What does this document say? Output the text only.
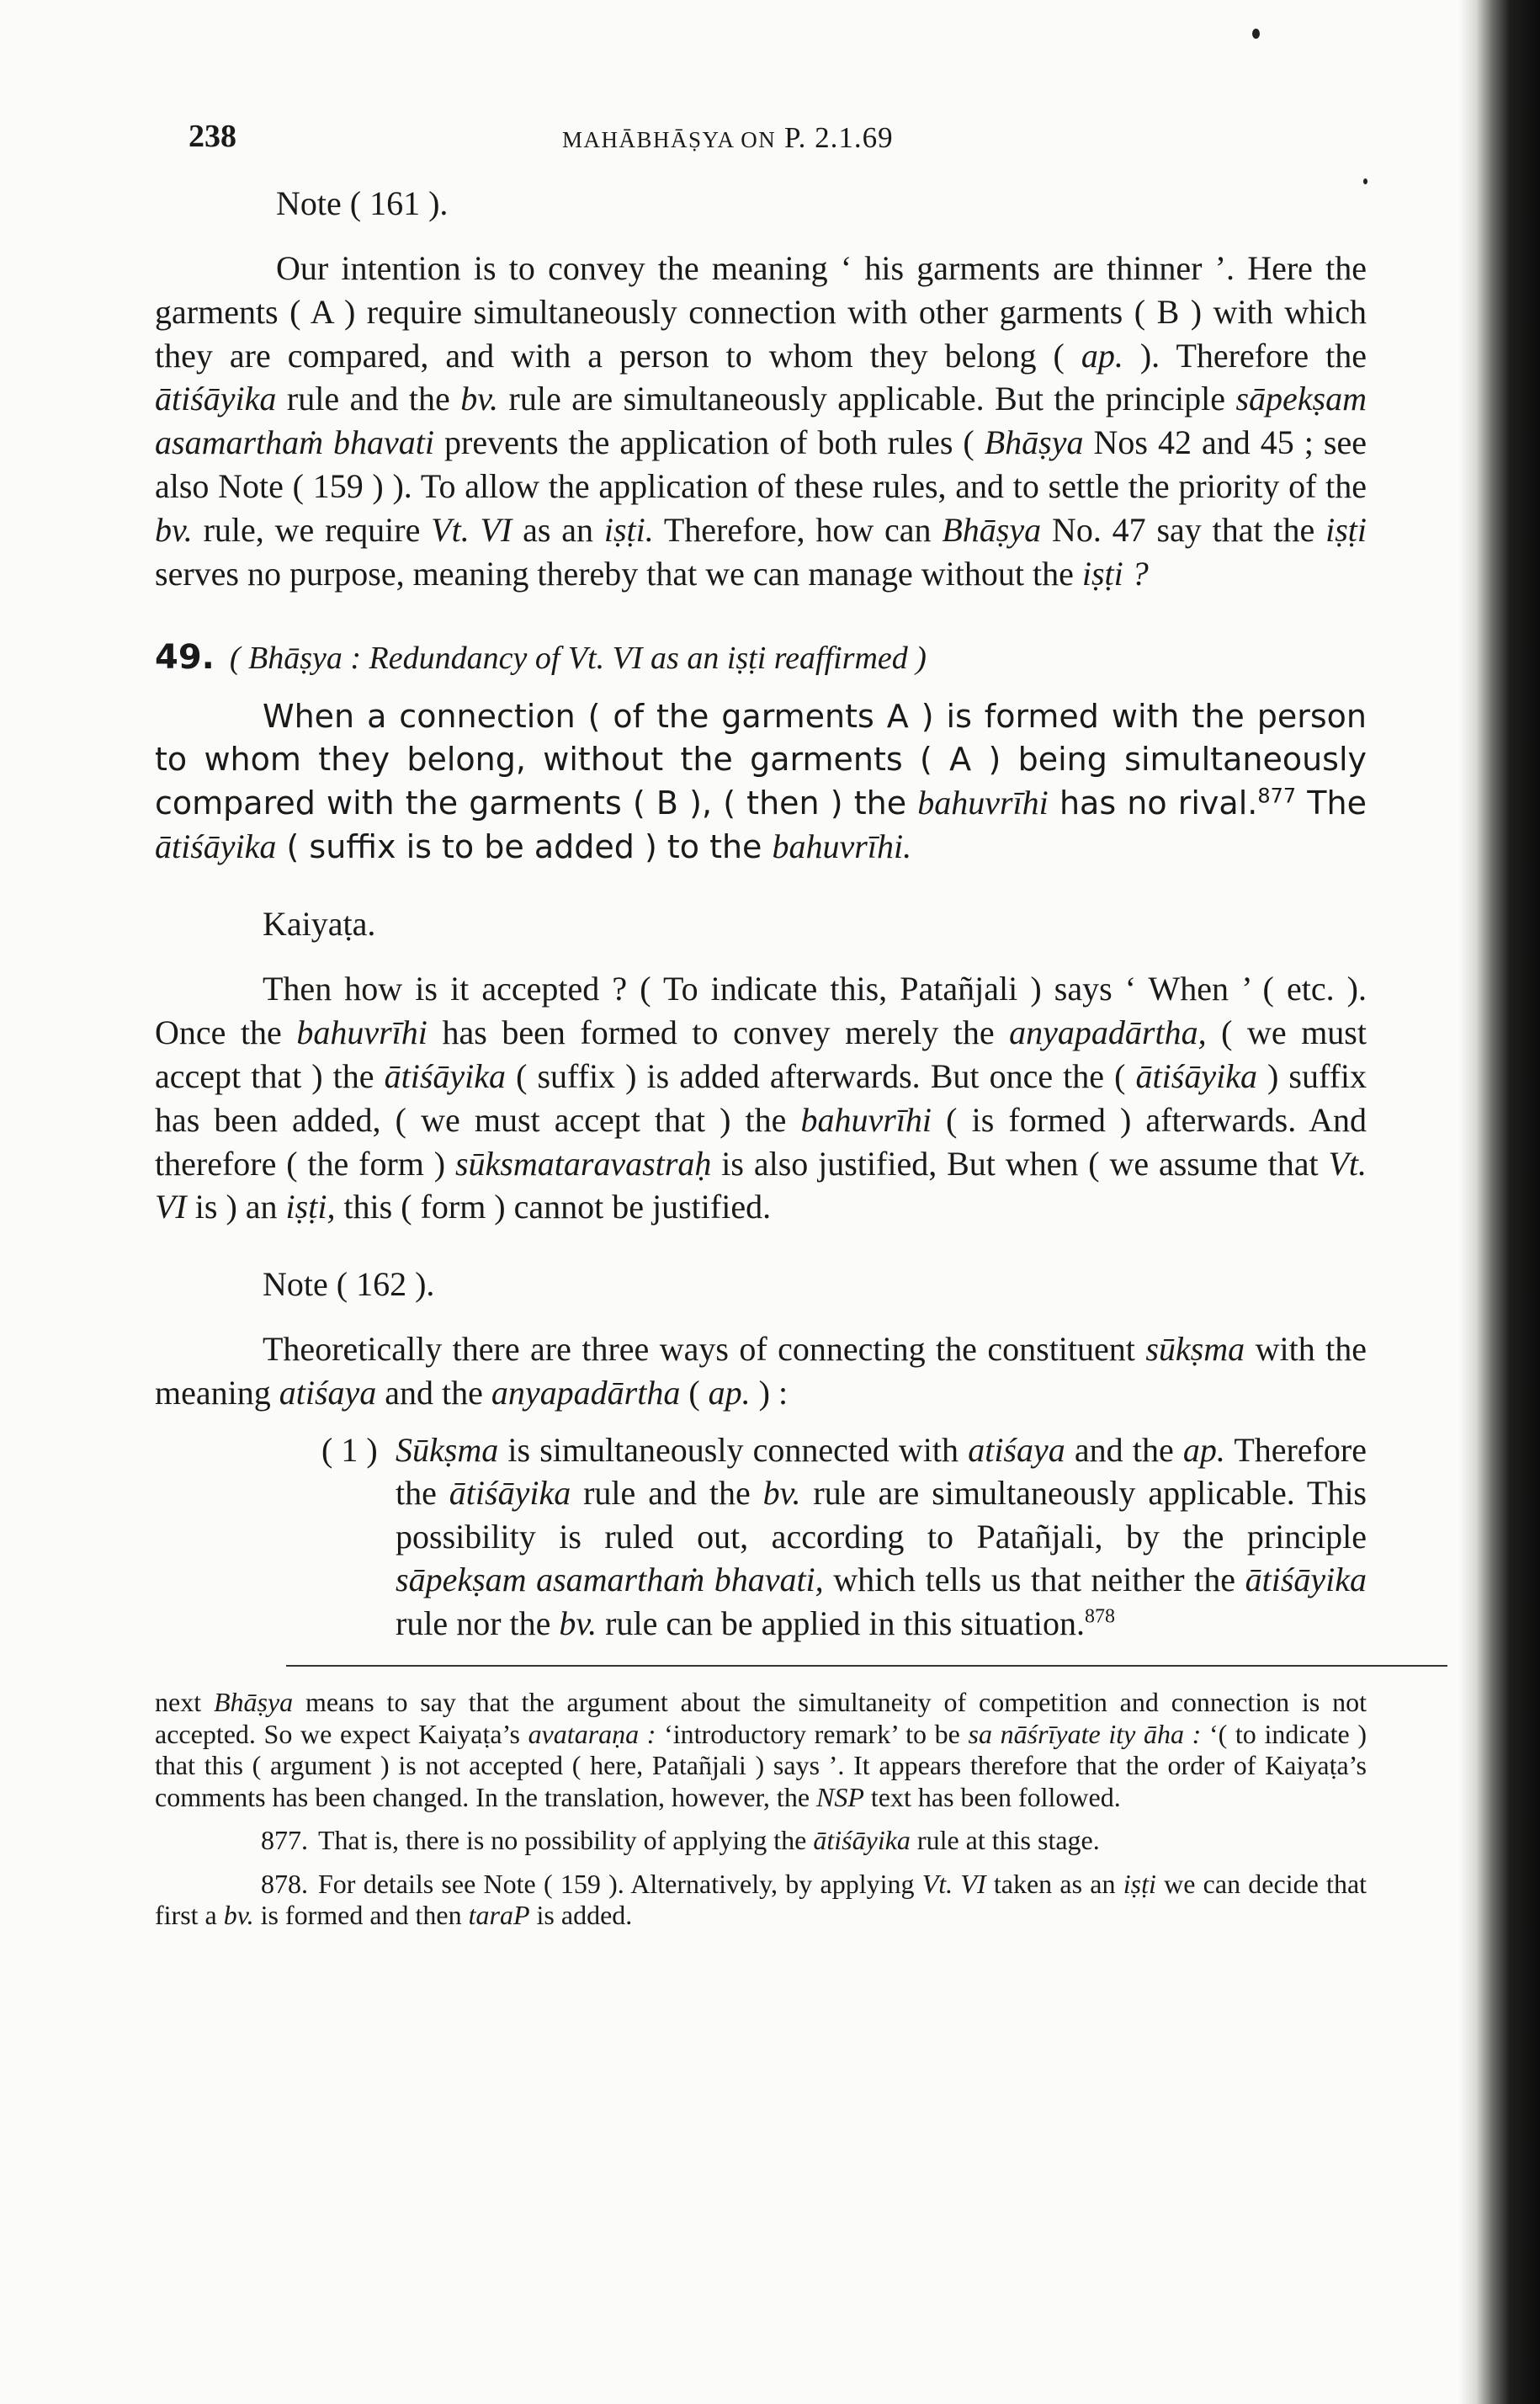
238	MAHĀBHĀṢYA ON P. 2.1.69

Note ( 161 ).

Our intention is to convey the meaning ‘ his garments are thinner ’. Here the garments ( A ) require simultaneously connection with other garments ( B ) with which they are compared, and with a person to whom they belong ( ap. ). Therefore the ātiśāyika rule and the bv. rule are simultaneously applicable. But the principle sāpekṣam asamarthaṁ bhavati prevents the application of both rules ( Bhāṣya Nos 42 and 45 ; see also Note ( 159 ) ). To allow the application of these rules, and to settle the priority of the bv. rule, we require Vt. VI as an iṣṭi. Therefore, how can Bhāṣya No. 47 say that the iṣṭi serves no purpose, meaning thereby that we can manage without the iṣṭi ?

49. ( Bhāṣya : Redundancy of Vt. VI as an iṣṭi reaffirmed )

When a connection ( of the garments A ) is formed with the person to whom they belong, without the garments ( A ) being simultaneously compared with the garments ( B ), ( then ) the bahuvrīhi has no rival.$^{877}$ The ātiśāyika ( suffix is to be added ) to the bahuvrīhi.

Kaiyaṭa.

Then how is it accepted ? ( To indicate this, Patañjali ) says ‘ When ’ ( etc. ). Once the bahuvrīhi has been formed to convey merely the anyapadārtha, ( we must accept that ) the ātiśāyika ( suffix ) is added afterwards. But once the ( ātiśāyika ) suffix has been added, ( we must accept that ) the bahuvrīhi ( is formed ) afterwards. And therefore ( the form ) sūksmataravastraḥ is also justified, But when ( we assume that Vt. VI is ) an iṣṭi, this ( form ) cannot be justified.

Note ( 162 ).

Theoretically there are three ways of connecting the constituent sūkṣma with the meaning atiśaya and the anyapadārtha ( ap. ) :

( 1 ) Sūkṣma is simultaneously connected with atiśaya and the ap. Therefore the ātiśāyika rule and the bv. rule are simultaneously applicable. This possibility is ruled out, according to Patañjali, by the principle sāpekṣam asamarthaṁ bhavati, which tells us that neither the ātiśāyika rule nor the bv. rule can be applied in this situation.$^{878}$

next Bhāṣya means to say that the argument about the simultaneity of competition and connection is not accepted. So we expect Kaiyaṭa’s avataraṇa : ‘introductory remark’ to be sa nāśrīyate ity āha : ‘( to indicate ) that this ( argument ) is not accepted ( here, Patañjali ) says ’. It appears therefore that the order of Kaiyaṭa’s comments has been changed. In the translation, however, the NSP text has been followed.

877. That is, there is no possibility of applying the ātiśāyika rule at this stage.

878. For details see Note ( 159 ). Alternatively, by applying Vt. VI taken as an iṣṭi we can decide that first a bv. is formed and then taraP is added.
